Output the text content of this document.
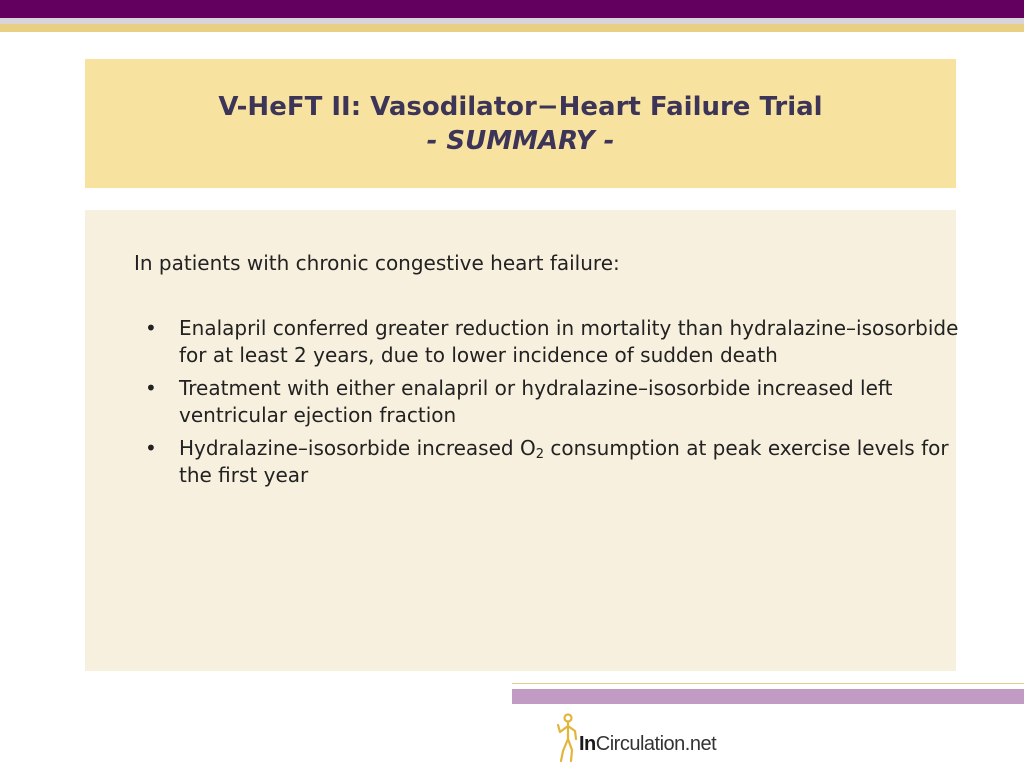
V-HeFT II: Vasodilator−Heart Failure Trial
- SUMMARY -
In patients with chronic congestive heart failure:
• Enalapril conferred greater reduction in mortality than hydralazine–isosorbide for at least 2 years, due to lower incidence of sudden death
• Treatment with either enalapril or hydralazine–isosorbide increased left ventricular ejection fraction
• Hydralazine–isosorbide increased $O_2$ consumption at peak exercise levels for the first year
InCirculation.net
